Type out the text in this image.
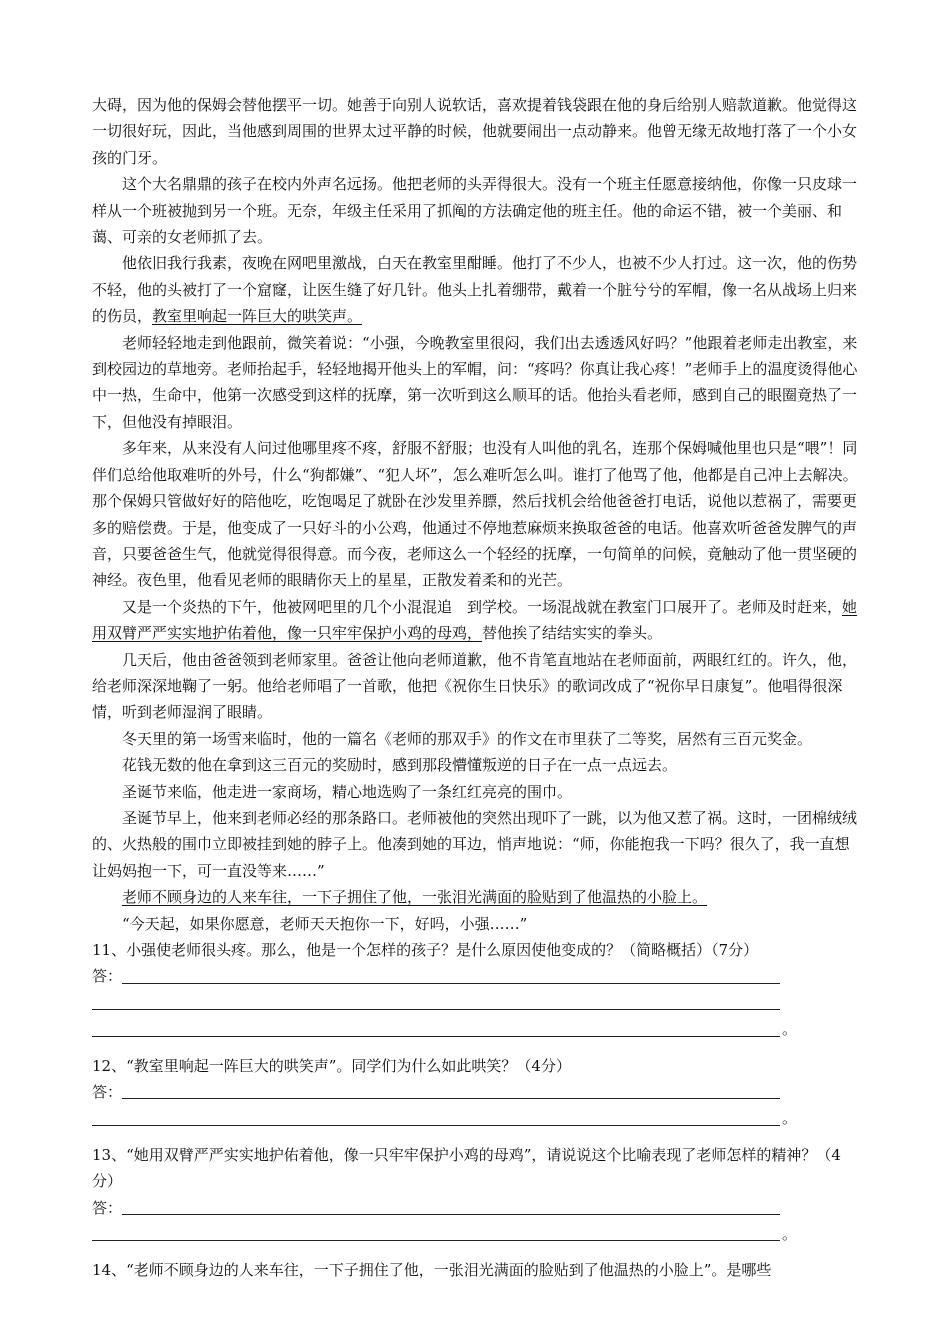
大碍，因为他的保姆会替他摆平一切。她善于向别人说软话，喜欢提着钱袋跟在他的身后给别人赔款道歉。他觉得这一切很好玩，因此，当他感到周围的世界太过平静的时候，他就要闹出一点动静来。他曾无缘无故地打落了一个小女孩的门牙。

这个大名鼎鼎的孩子在校内外声名远扬。他把老师的头弄得很大。没有一个班主任愿意接纳他，你像一只皮球一样从一个班被抛到另一个班。无奈，年级主任采用了抓阄的方法确定他的班主任。他的命运不错，被一个美丽、和蔼、可亲的女老师抓了去。

他依旧我行我素，夜晚在网吧里激战，白天在教室里酣睡。他打了不少人，也被不少人打过。这一次，他的伤势不轻，他的头被打了一个窟窿，让医生缝了好几针。他头上扎着绷带，戴着一个脏兮兮的军帽，像一名从战场上归来的伤员，教室里响起一阵巨大的哄笑声。

老师轻轻地走到他跟前，微笑着说：“小强，今晚教室里很闷，我们出去透透风好吗？”他跟着老师走出教室，来到校园边的草地旁。老师抬起手，轻轻地揭开他头上的军帽，问：“疼吗？你真让我心疼！”老师手上的温度烫得他心中一热，生命中，他第一次感受到这样的抚摩，第一次听到这么顺耳的话。他抬头看老师，感到自己的眼圈竟热了一下，但他没有掉眼泪。

多年来，从来没有人问过他哪里疼不疼，舒服不舒服；也没有人叫他的乳名，连那个保姆喊他里也只是“喂”！同伴们总给他取难听的外号，什么“狗都嫌”、“犯人坏”，怎么难听怎么叫。谁打了他骂了他，他都是自己冲上去解决。那个保姆只管做好好的陪他吃，吃饱喝足了就卧在沙发里养膘，然后找机会给他爸爸打电话，说他以惹祸了，需要更多的赔偿费。于是，他变成了一只好斗的小公鸡，他通过不停地惹麻烦来换取爸爸的电话。他喜欢听爸爸发脾气的声音，只要爸爸生气，他就觉得很得意。而今夜，老师这么一个轻经的抚摩，一句简单的问候，竟触动了他一贯坚硬的神经。夜色里，他看见老师的眼睛你天上的星星，正散发着柔和的光芒。

又是一个炎热的下午，他被网吧里的几个小混混追　到学校。一场混战就在教室门口展开了。老师及时赶来，她用双臂严严实实地护佑着他，像一只牢牢保护小鸡的母鸡，替他挨了结结实实的拳头。

几天后，他由爸爸领到老师家里。爸爸让他向老师道歉，他不肯笔直地站在老师面前，两眼红红的。许久，他，给老师深深地鞠了一躬。他给老师唱了一首歌，他把《祝你生日快乐》的歌词改成了“祝你早日康复”。他唱得很深情，听到老师湿润了眼睛。

冬天里的第一场雪来临时，他的一篇名《老师的那双手》的作文在市里获了二等奖，居然有三百元奖金。

花钱无数的他在拿到这三百元的奖励时，感到那段懵懂叛逆的日子在一点一点远去。

圣诞节来临，他走进一家商场，精心地选购了一条红红亮亮的围巾。

圣诞节早上，他来到老师必经的那条路口。老师被他的突然出现吓了一跳，以为他又惹了祸。这时，一团棉绒绒的、火热般的围巾立即被挂到她的脖子上。他凑到她的耳边，悄声地说：“师，你能抱我一下吗？很久了，我一直想让妈妈抱一下，可一直没等来……”

老师不顾身边的人来车往，一下子拥住了他，一张泪光满面的脸贴到了他温热的小脸上。

“今天起，如果你愿意，老师天天抱你一下，好吗，小强……”

11、小强使老师很头疼。那么，他是一个怎样的孩子？是什么原因使他变成的？（简略概括）（7分）

答：
。

12、“教室里响起一阵巨大的哄笑声”。同学们为什么如此哄笑？（4分）

答：
。

13、“她用双臂严严实实地护佑着他，像一只牢牢保护小鸡的母鸡”，请说说这个比喻表现了老师怎样的精神？（4分）

答：
。

14、“老师不顾身边的人来车往，一下子拥住了他，一张泪光满面的脸贴到了他温热的小脸上”。是哪些
